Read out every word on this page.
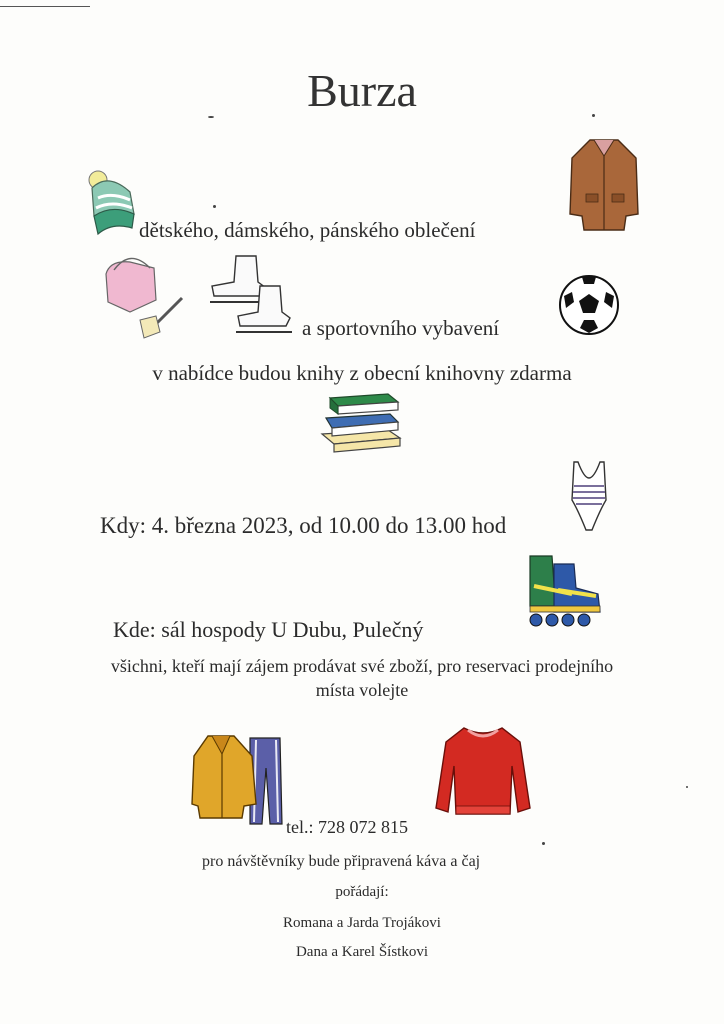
Burza
dětského, dámského, pánského oblečení
a sportovního vybavení
v nabídce budou knihy z obecní knihovny zdarma
Kdy: 4. března 2023, od 10.00 do 13.00 hod
Kde: sál hospody U Dubu, Pulečný
všichni, kteří mají zájem prodávat své zboží, pro reservaci prodejního
místa volejte
tel.: 728 072 815
pro návštěvníky bude připravená káva a čaj
pořádají:
Romana a Jarda Trojákovi
Dana a Karel Šístkovi
